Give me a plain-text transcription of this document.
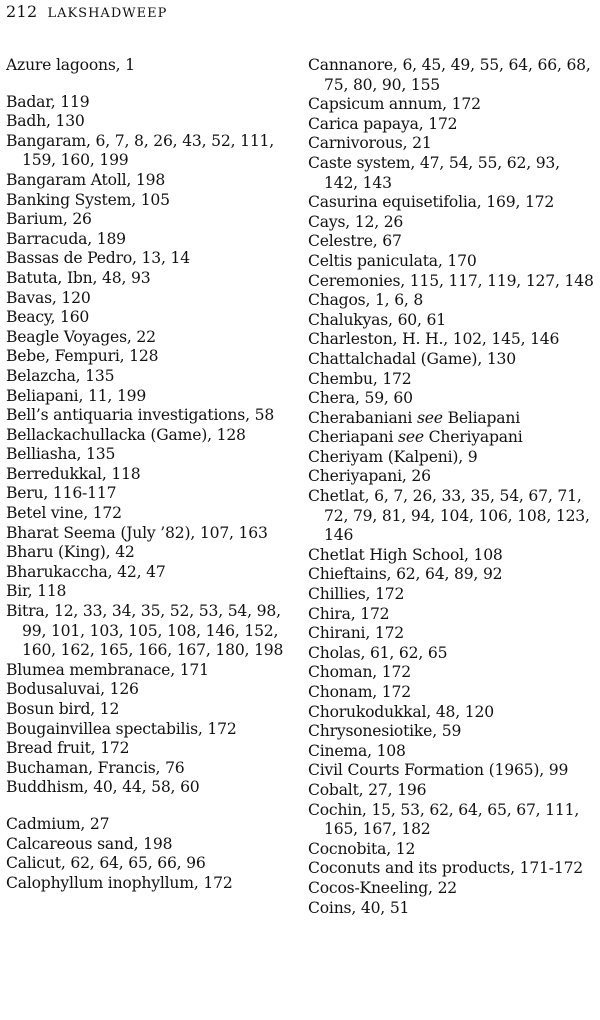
212 LAKSHADWEEP
Azure lagoons, 1
Badar, 119
Badh, 130
Bangaram, 6, 7, 8, 26, 43, 52, 111, 159, 160, 199
Bangaram Atoll, 198
Banking System, 105
Barium, 26
Barracuda, 189
Bassas de Pedro, 13, 14
Batuta, Ibn, 48, 93
Bavas, 120
Beacy, 160
Beagle Voyages, 22
Bebe, Fempuri, 128
Belazcha, 135
Beliapani, 11, 199
Bell’s antiquaria investigations, 58
Bellackachullacka (Game), 128
Belliasha, 135
Berredukkal, 118
Beru, 116-117
Betel vine, 172
Bharat Seema (July ’82), 107, 163
Bharu (King), 42
Bharukaccha, 42, 47
Bir, 118
Bitra, 12, 33, 34, 35, 52, 53, 54, 98, 99, 101, 103, 105, 108, 146, 152, 160, 162, 165, 166, 167, 180, 198
Blumea membranace, 171
Bodusaluvai, 126
Bosun bird, 12
Bougainvillea spectabilis, 172
Bread fruit, 172
Buchaman, Francis, 76
Buddhism, 40, 44, 58, 60
Cadmium, 27
Calcareous sand, 198
Calicut, 62, 64, 65, 66, 96
Calophyllum inophyllum, 172
Cannanore, 6, 45, 49, 55, 64, 66, 68, 75, 80, 90, 155
Capsicum annum, 172
Carica papaya, 172
Carnivorous, 21
Caste system, 47, 54, 55, 62, 93, 142, 143
Casurina equisetifolia, 169, 172
Cays, 12, 26
Celestre, 67
Celtis paniculata, 170
Ceremonies, 115, 117, 119, 127, 148
Chagos, 1, 6, 8
Chalukyas, 60, 61
Charleston, H. H., 102, 145, 146
Chattalchadal (Game), 130
Chembu, 172
Chera, 59, 60
Cherabaniani see Beliapani
Cheriapani see Cheriyapani
Cheriyam (Kalpeni), 9
Cheriyapani, 26
Chetlat, 6, 7, 26, 33, 35, 54, 67, 71, 72, 79, 81, 94, 104, 106, 108, 123, 146
Chetlat High School, 108
Chieftains, 62, 64, 89, 92
Chillies, 172
Chira, 172
Chirani, 172
Cholas, 61, 62, 65
Choman, 172
Chonam, 172
Chorukodukkal, 48, 120
Chrysonesiotike, 59
Cinema, 108
Civil Courts Formation (1965), 99
Cobalt, 27, 196
Cochin, 15, 53, 62, 64, 65, 67, 111, 165, 167, 182
Cocnobita, 12
Coconuts and its products, 171-172
Cocos-Kneeling, 22
Coins, 40, 51
